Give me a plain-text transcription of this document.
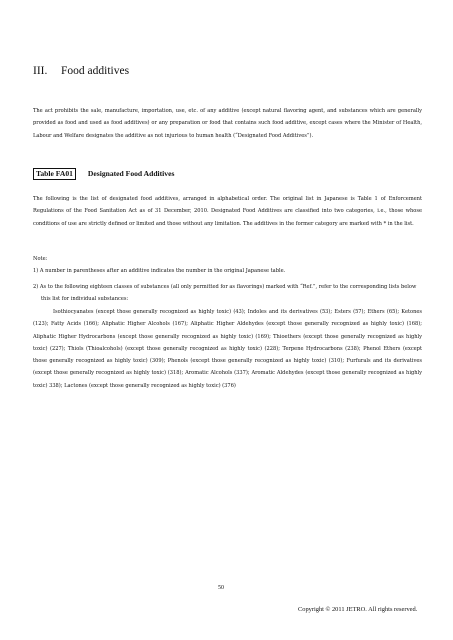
III.	Food additives
The act prohibits the sale, manufacture, importation, use, etc. of any additive (except natural flavoring agent, and substances which are generally provided as food and used as food additives) or any preparation or food that contains such food additive, except cases where the Minister of Health, Labour and Welfare designates the additive as not injurious to human health (“Designated Food Additives”).
Table FA01	Designated Food Additives
The following is the list of designated food additives, arranged in alphabetical order. The original list in Japanese is Table 1 of Enforcement Regulations of the Food Sanitation Act as of 31 December, 2010. Designated Food Additives are classified into two categories, i.e., those whose conditions of use are strictly defined or limited and those without any limitation. The additives in the former category are marked with * in the list.
Note:
1) A number in parentheses after an additive indicates the number in the original Japanese table.
2) As to the following eighteen classes of substances (all only permitted for as flavorings) marked with “Ref.”, refer to the corresponding lists below this list for individual substances:
Isothiocyanates (except those generally recognized as highly toxic) (43); Indoles and its derivatives (53); Esters (57); Ethers (65); Ketones (123); Fatty Acids (166); Aliphatic Higher Alcohols (167); Aliphatic Higher Aldehydes (except those generally recognized as highly toxic) (168); Aliphatic Higher Hydrocarbons (except those generally recognized as highly toxic) (169); Thioethers (except those generally recognized as highly toxic) (227); Thiols (Thioalcohols) (except those generally recognized as highly toxic) (228); Terpene Hydrocarbons (238); Phenol Ethers (except those generally recognized as highly toxic) (309); Phenols (except those generally recognized as highly toxic) (310); Furfurals and its derivatives (except those generally recognized as highly toxic) (318); Aromatic Alcohols (337); Aromatic Aldehydes (except those generally recognized as highly toxic) 338); Lactones (except those generally recognized as highly toxic) (376)
50
Copyright © 2011 JETRO. All rights reserved.
